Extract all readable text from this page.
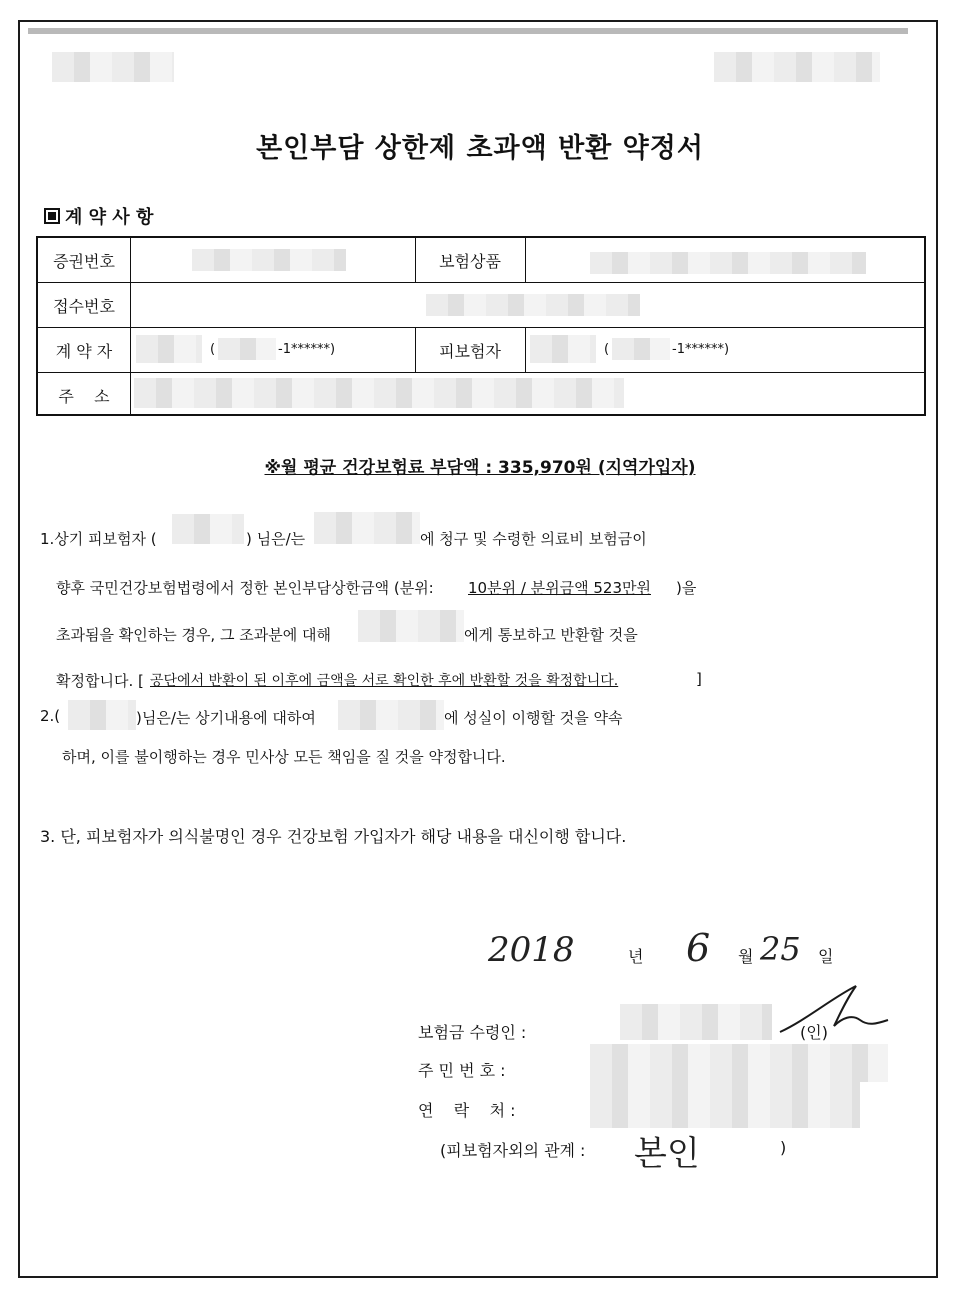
본인부담 상한제 초과액 반환 약정서
계 약 사 항
증권번호	보험상품
접수번호
계 약 자	(	-1******)	피보험자	(	-1******)
주    소
※월 평균 건강보험료 부담액 : 335,970원 (지역가입자)
1.상기 피보험자 (	) 님은/는	에 청구 및 수령한 의료비 보험금이
향후 국민건강보험법령에서 정한 본인부담상한금액 (분위: 10분위 / 분위금액 523만원 )을
초과됨을 확인하는 경우, 그 조과분에 대해	에게 통보하고 반환할 것을
확정합니다. [ 공단에서 반환이 된 이후에 금액을 서로 확인한 후에 반환할 것을 확정합니다.	]
2.(	)님은/는 상기내용에 대하여	에 성실이 이행할 것을 약속
하며, 이를 불이행하는 경우 민사상 모든 책임을 질 것을 약정합니다.
3. 단, 피보험자가 의식불명인 경우 건강보험 가입자가 해당 내용을 대신이행 합니다.
2018	년 6 월 25 일
보험금 수령인 :	(인)
주 민 번 호 :
연    락    처 :
(피보험자외의 관계 : 본인	)
